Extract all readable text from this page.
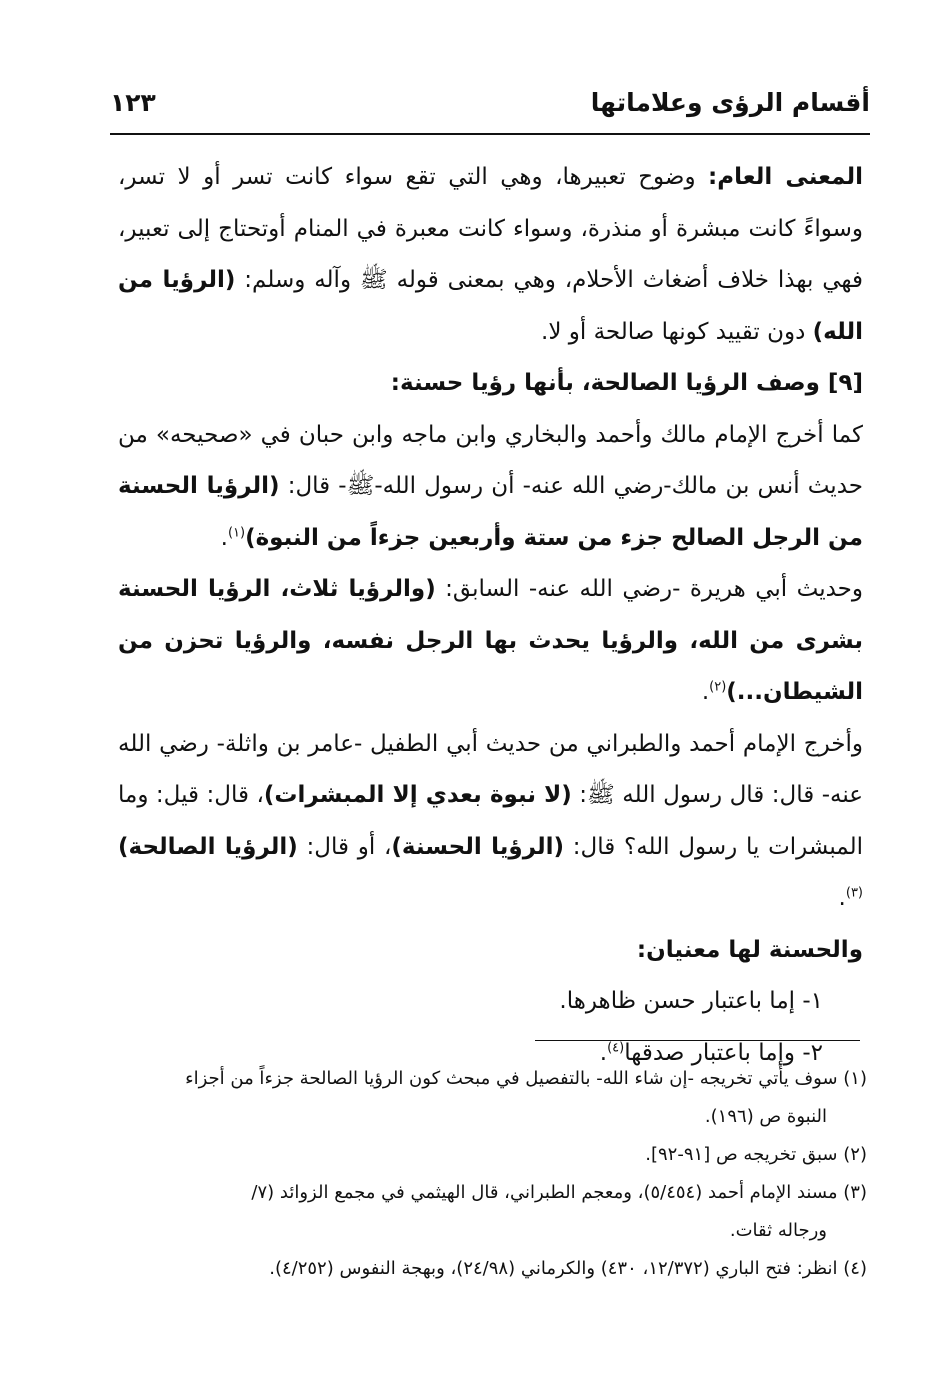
أقسام الرؤى وعلاماتها
١٢٣

المعنى العام: وضوح تعبيرها، وهي التي تقع سواء كانت تسر أو لا تسر، وسواءً كانت مبشرة أو منذرة، وسواء كانت معبرة في المنام أوتحتاج إلى تعبير، فهي بهذا خلاف أضغاث الأحلام، وهي بمعنى قوله ﷺ وآله وسلم: (الرؤيا من الله) دون تقييد كونها صالحة أو لا.

[٩] وصف الرؤيا الصالحة، بأنها رؤيا حسنة:

كما أخرج الإمام مالك وأحمد والبخاري وابن ماجه وابن حبان في «صحيحه» من حديث أنس بن مالك-رضي الله عنه- أن رسول الله-ﷺ- قال: (الرؤيا الحسنة من الرجل الصالح جزء من ستة وأربعين جزءاً من النبوة)$^{(١)}$.

وحديث أبي هريرة -رضي الله عنه- السابق: (والرؤيا ثلاث، الرؤيا الحسنة بشرى من الله، والرؤيا يحدث بها الرجل نفسه، والرؤيا تحزن من الشيطان...)$^{(٢)}$.

وأخرج الإمام أحمد والطبراني من حديث أبي الطفيل -عامر بن واثلة- رضي الله عنه- قال: قال رسول الله ﷺ: (لا نبوة بعدي إلا المبشرات)، قال: قيل: وما المبشرات يا رسول الله؟ قال: (الرؤيا الحسنة)، أو قال: (الرؤيا الصالحة)$^{(٣)}$.

والحسنة لها معنيان:

١- إما باعتبار حسن ظاهرها.

٢- وإما باعتبار صدقها$^{(٤)}$.

(١) سوف يأتي تخريجه -إن شاء الله- بالتفصيل في مبحث كون الرؤيا الصالحة جزءاً من أجزاء

النبوة ص (١٩٦).

(٢) سبق تخريجه ص [٩١-٩٢].

(٣) مسند الإمام أحمد (٥/٤٥٤)، ومعجم الطبراني، قال الهيثمي في مجمع الزوائد (٧/

ورجاله ثقات.

(٤) انظر: فتح الباري (١٢/٣٧٢، ٤٣٠) والكرماني (٢٤/٩٨)، وبهجة النفوس (٤/٢٥٢).
